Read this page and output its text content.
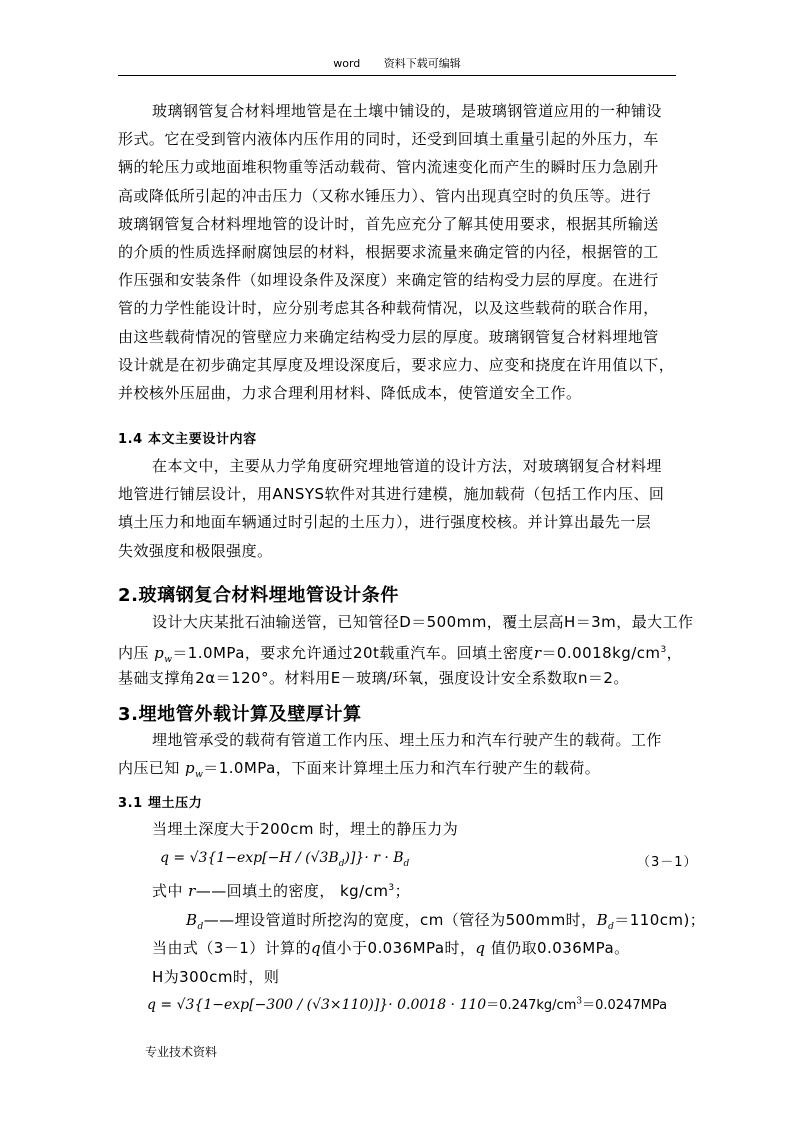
word 资料下载可编辑
玻璃钢管复合材料埋地管是在土壤中铺设的，是玻璃钢管道应用的一种铺设
形式。它在受到管内液体内压作用的同时，还受到回填土重量引起的外压力，车
辆的轮压力或地面堆积物重等活动载荷、管内流速变化而产生的瞬时压力急剧升
高或降低所引起的冲击压力（又称水锤压力）、管内出现真空时的负压等。进行
玻璃钢管复合材料埋地管的设计时，首先应充分了解其使用要求，根据其所输送
的介质的性质选择耐腐蚀层的材料，根据要求流量来确定管的内径，根据管的工
作压强和安装条件（如埋设条件及深度）来确定管的结构受力层的厚度。在进行
管的力学性能设计时，应分别考虑其各种载荷情况，以及这些载荷的联合作用，
由这些载荷情况的管壁应力来确定结构受力层的厚度。玻璃钢管复合材料埋地管
设计就是在初步确定其厚度及埋设深度后，要求应力、应变和挠度在许用值以下，
并校核外压屈曲，力求合理利用材料、降低成本，使管道安全工作。
1.4 本文主要设计内容
在本文中，主要从力学角度研究埋地管道的设计方法，对玻璃钢复合材料埋
地管进行铺层设计，用ANSYS软件对其进行建模，施加载荷（包括工作内压、回
填土压力和地面车辆通过时引起的土压力），进行强度校核。并计算出最先一层
失效强度和极限强度。
2.玻璃钢复合材料埋地管设计条件
设计大庆某批石油输送管，已知管径D＝500mm，覆土层高H＝3m，最大工作
内压 $p_w=1.0MPa$，要求允许通过20t载重汽车。回填土密度$r=0.0018kg/cm^3$，
基础支撑角2α＝120°。材料用E－玻璃/环氧，强度设计安全系数取n＝2。
3.埋地管外载计算及壁厚计算
埋地管承受的载荷有管道工作内压、埋土压力和汽车行驶产生的载荷。工作
内压已知 $p_w=1.0MPa$，下面来计算埋土压力和汽车行驶产生的载荷。
3.1 埋土压力
当埋土深度大于200cm 时，埋土的静压力为
$q = √3\{1-\exp[-H / (√3B_d)]\}\cdot r \cdot B_d$	（3－1）
式中 r——回填土的密度， $kg/cm^3$；
$B_d——$埋设管道时所挖沟的宽度，cm（管径为500mm时，$B_d=110cm$)；
当由式（3－1）计算的q值小于0.036MPa时，q 值仍取0.036MPa。
H为300cm时，则
$q = √3\{1-\exp[-300 / (√3\times 110)]\}\cdot 0.0018 \cdot 110=0.247kg/cm^3=0.0247MPa$
专业技术资料
